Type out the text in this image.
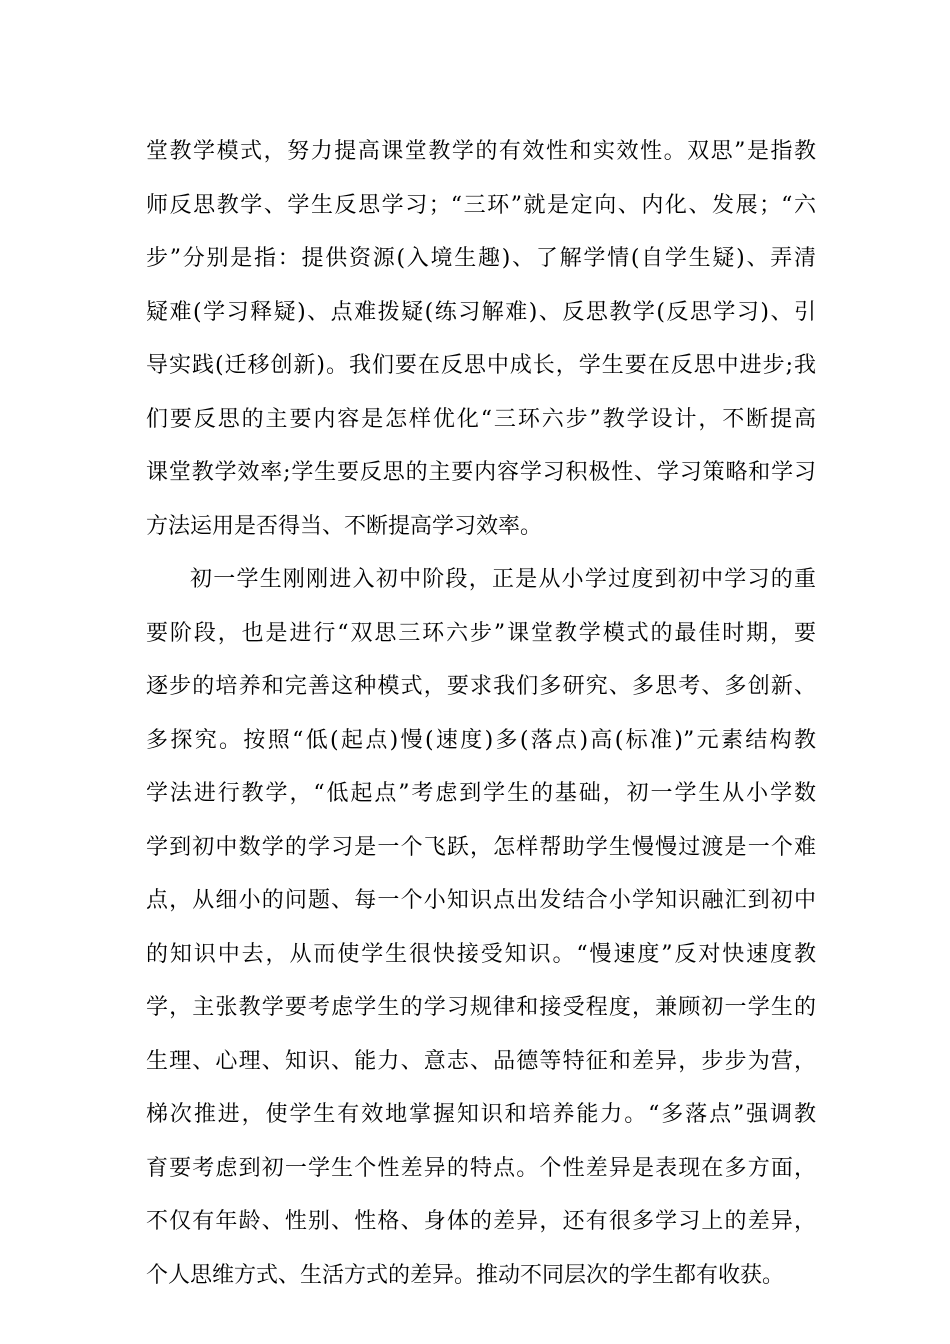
堂教学模式，努力提高课堂教学的有效性和实效性。双思”是指教
师反思教学、学生反思学习；“三环”就是定向、内化、发展；“六
步”分别是指：提供资源(入境生趣)、了解学情(自学生疑)、弄清
疑难(学习释疑)、点难拨疑(练习解难)、反思教学(反思学习)、引
导实践(迁移创新)。我们要在反思中成长，学生要在反思中进步;我
们要反思的主要内容是怎样优化“三环六步”教学设计，不断提高
课堂教学效率;学生要反思的主要内容学习积极性、学习策略和学习
方法运用是否得当、不断提高学习效率。
初一学生刚刚进入初中阶段，正是从小学过度到初中学习的重
要阶段，也是进行“双思三环六步”课堂教学模式的最佳时期，要
逐步的培养和完善这种模式，要求我们多研究、多思考、多创新、
多探究。按照“低(起点)慢(速度)多(落点)高(标准)”元素结构教
学法进行教学，“低起点”考虑到学生的基础，初一学生从小学数
学到初中数学的学习是一个飞跃，怎样帮助学生慢慢过渡是一个难
点，从细小的问题、每一个小知识点出发结合小学知识融汇到初中
的知识中去，从而使学生很快接受知识。“慢速度”反对快速度教
学，主张教学要考虑学生的学习规律和接受程度，兼顾初一学生的
生理、心理、知识、能力、意志、品德等特征和差异，步步为营，
梯次推进，使学生有效地掌握知识和培养能力。“多落点”强调教
育要考虑到初一学生个性差异的特点。个性差异是表现在多方面，
不仅有年龄、性别、性格、身体的差异，还有很多学习上的差异，
个人思维方式、生活方式的差异。推动不同层次的学生都有收获。
